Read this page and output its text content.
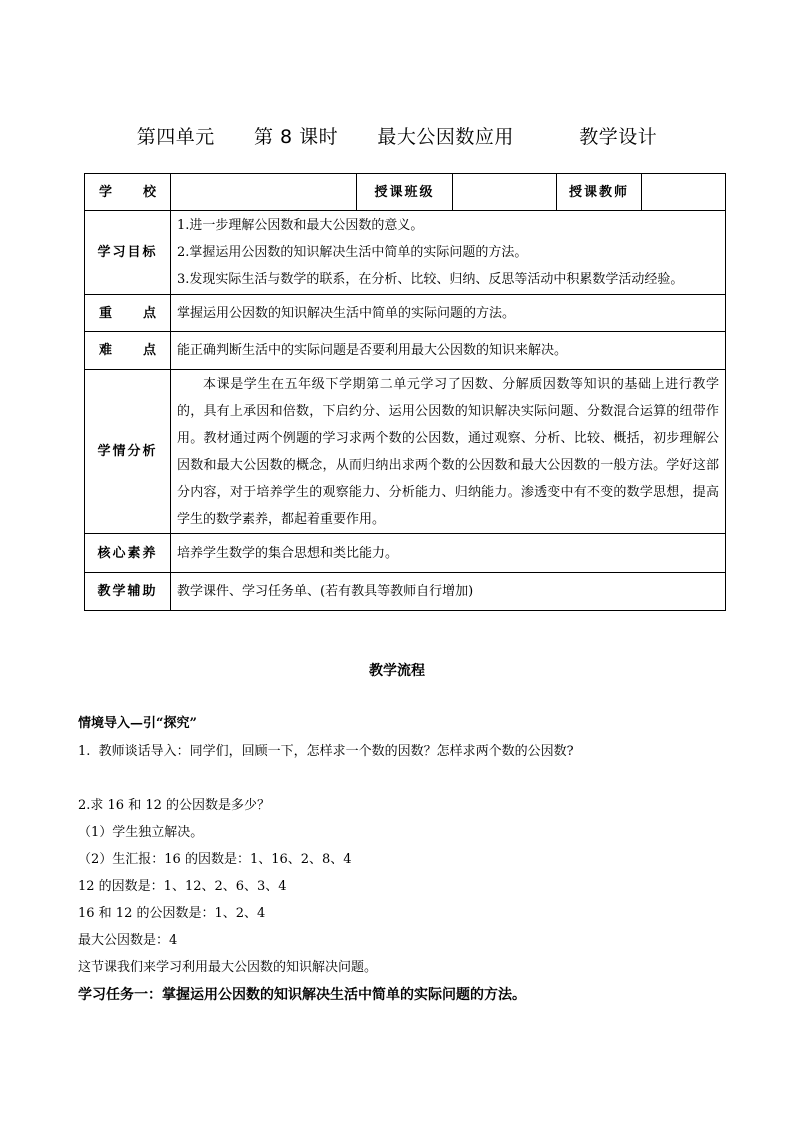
第四单元      第 8 课时      最大公因数应用          教学设计
学 校		授课班级		授课教师	
学习目标	1.进一步理解公因数和最大公因数的意义。
2.掌握运用公因数的知识解决生活中简单的实际问题的方法。
3.发现实际生活与数学的联系，在分析、比较、归纳、反思等活动中积累数学活动经验。				

重 点	掌握运用公因数的知识解决生活中简单的实际问题的方法。				

难 点	能正确判断生活中的实际问题是否要利用最大公因数的知识来解决。				
学情分析	本课是学生在五年级下学期第二单元学习了因数、分解质因数等知识的基础上进行教学的，具有上承因和倍数，下启约分、运用公因数的知识解决实际问题、分数混合运算的纽带作用。教材通过两个例题的学习求两个数的公因数，通过观察、分析、比较、概括，初步理解公因数和最大公因数的概念，从而归纳出求两个数的公因数和最大公因数的一般方法。学好这部分内容，对于培养学生的观察能力、分析能力、归纳能力。渗透变中有不变的数学思想，提高学生的数学素养，都起着重要作用。				
核心素养	培养学生数学的集合思想和类比能力。				
教学辅助	教学课件、学习任务单、(若有教具等教师自行增加)				
教学流程
情境导入—引“探究”
1.  教师谈话导入：同学们，回顾一下，怎样求一个数的因数？怎样求两个数的公因数?
2.求 16 和 12 的公因数是多少？
（1）学生独立解决。
（2）生汇报：16 的因数是：1、16、2、8、4
12 的因数是：1、12、2、6、3、4
16 和 12 的公因数是：1、2、4
最大公因数是：4
这节课我们来学习利用最大公因数的知识解决问题。
学习任务一：掌握运用公因数的知识解决生活中简单的实际问题的方法。
